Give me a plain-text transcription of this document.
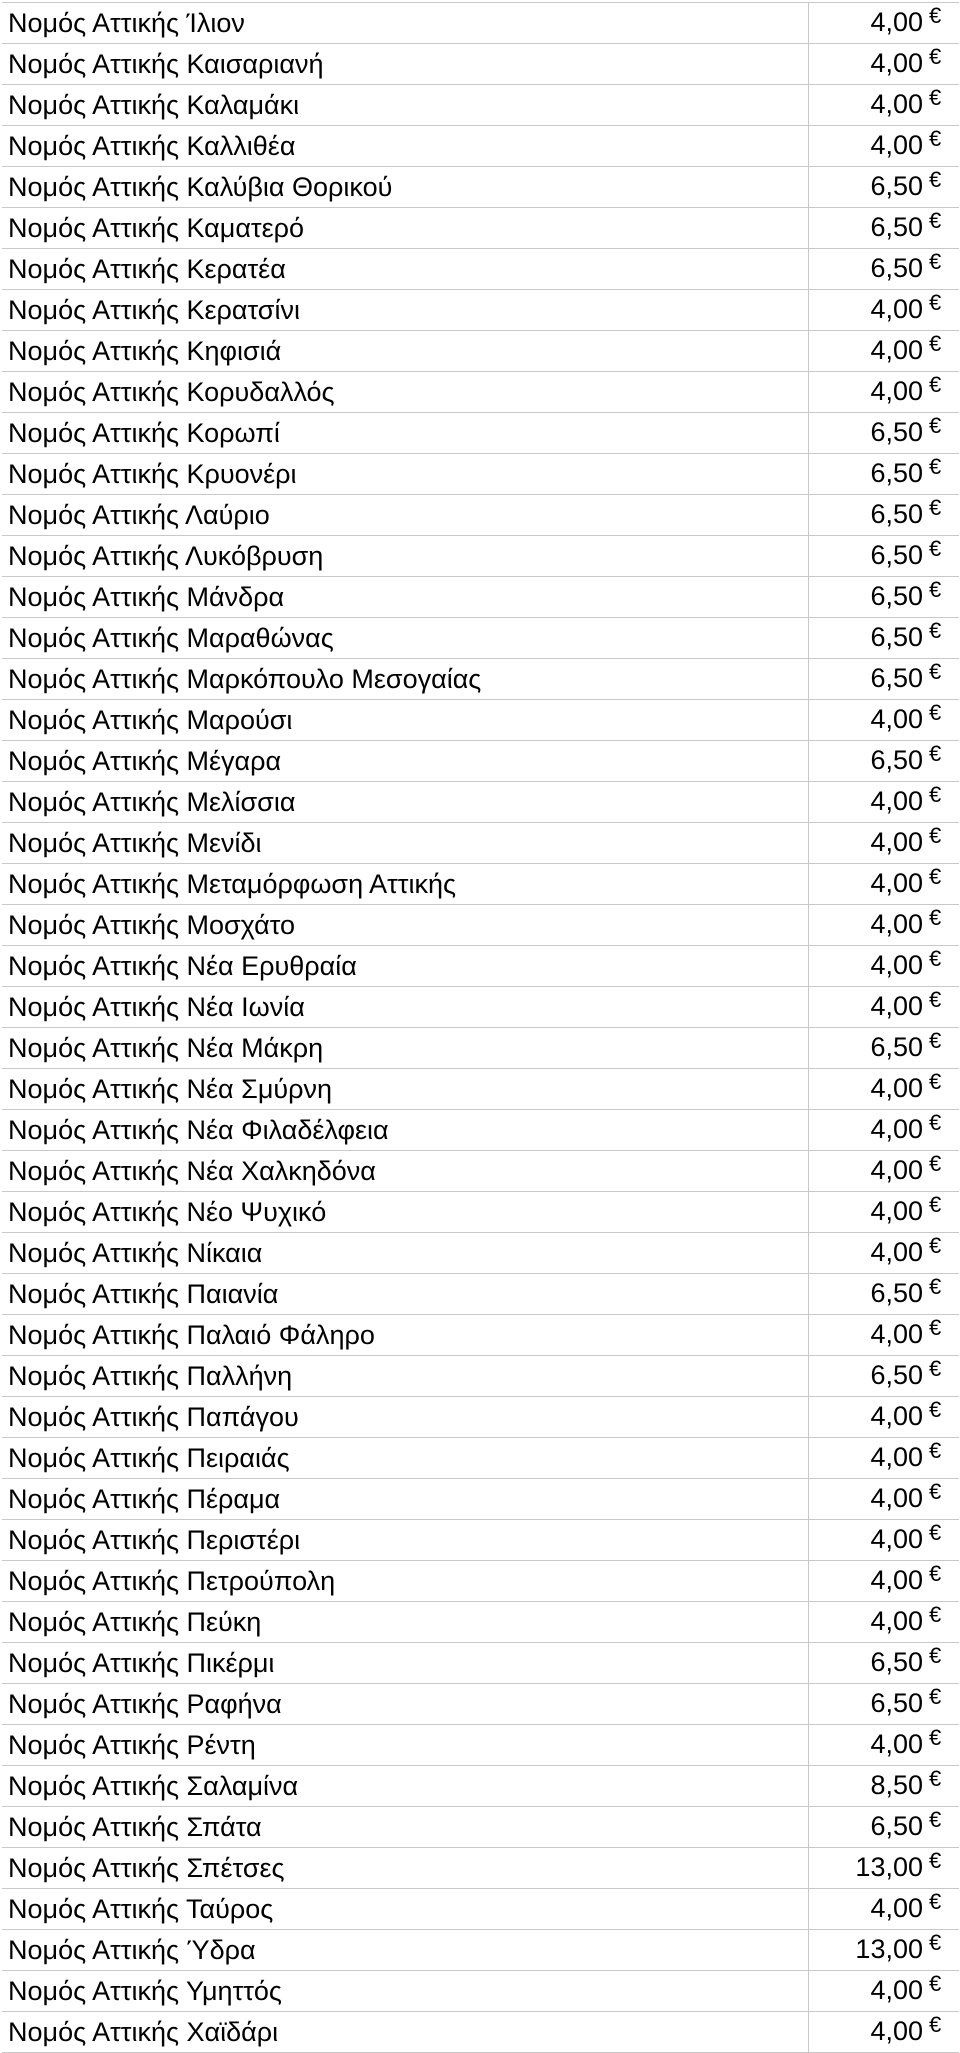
Νομός Αττικής Ίλιον	4,00 €
Νομός Αττικής Καισαριανή	4,00 €
Νομός Αττικής Καλαμάκι	4,00 €
Νομός Αττικής Καλλιθέα	4,00 €
Νομός Αττικής Καλύβια Θορικού	6,50 €
Νομός Αττικής Καματερό	6,50 €
Νομός Αττικής Κερατέα	6,50 €
Νομός Αττικής Κερατσίνι	4,00 €
Νομός Αττικής Κηφισιά	4,00 €
Νομός Αττικής Κορυδαλλός	4,00 €
Νομός Αττικής Κορωπί	6,50 €
Νομός Αττικής Κρυονέρι	6,50 €
Νομός Αττικής Λαύριο	6,50 €
Νομός Αττικής Λυκόβρυση	6,50 €
Νομός Αττικής Μάνδρα	6,50 €
Νομός Αττικής Μαραθώνας	6,50 €
Νομός Αττικής Μαρκόπουλο Μεσογαίας	6,50 €
Νομός Αττικής Μαρούσι	4,00 €
Νομός Αττικής Μέγαρα	6,50 €
Νομός Αττικής Μελίσσια	4,00 €
Νομός Αττικής Μενίδι	4,00 €
Νομός Αττικής Μεταμόρφωση Αττικής	4,00 €
Νομός Αττικής Μοσχάτο	4,00 €
Νομός Αττικής Νέα Ερυθραία	4,00 €
Νομός Αττικής Νέα Ιωνία	4,00 €
Νομός Αττικής Νέα Μάκρη	6,50 €
Νομός Αττικής Νέα Σμύρνη	4,00 €
Νομός Αττικής Νέα Φιλαδέλφεια	4,00 €
Νομός Αττικής Νέα Χαλκηδόνα	4,00 €
Νομός Αττικής Νέο Ψυχικό	4,00 €
Νομός Αττικής Νίκαια	4,00 €
Νομός Αττικής Παιανία	6,50 €
Νομός Αττικής Παλαιό Φάληρο	4,00 €
Νομός Αττικής Παλλήνη	6,50 €
Νομός Αττικής Παπάγου	4,00 €
Νομός Αττικής Πειραιάς	4,00 €
Νομός Αττικής Πέραμα	4,00 €
Νομός Αττικής Περιστέρι	4,00 €
Νομός Αττικής Πετρούπολη	4,00 €
Νομός Αττικής Πεύκη	4,00 €
Νομός Αττικής Πικέρμι	6,50 €
Νομός Αττικής Ραφήνα	6,50 €
Νομός Αττικής Ρέντη	4,00 €
Νομός Αττικής Σαλαμίνα	8,50 €
Νομός Αττικής Σπάτα	6,50 €
Νομός Αττικής Σπέτσες	13,00 €
Νομός Αττικής Ταύρος	4,00 €
Νομός Αττικής Ύδρα	13,00 €
Νομός Αττικής Υμηττός	4,00 €
Νομός Αττικής Χαϊδάρι	4,00 €
